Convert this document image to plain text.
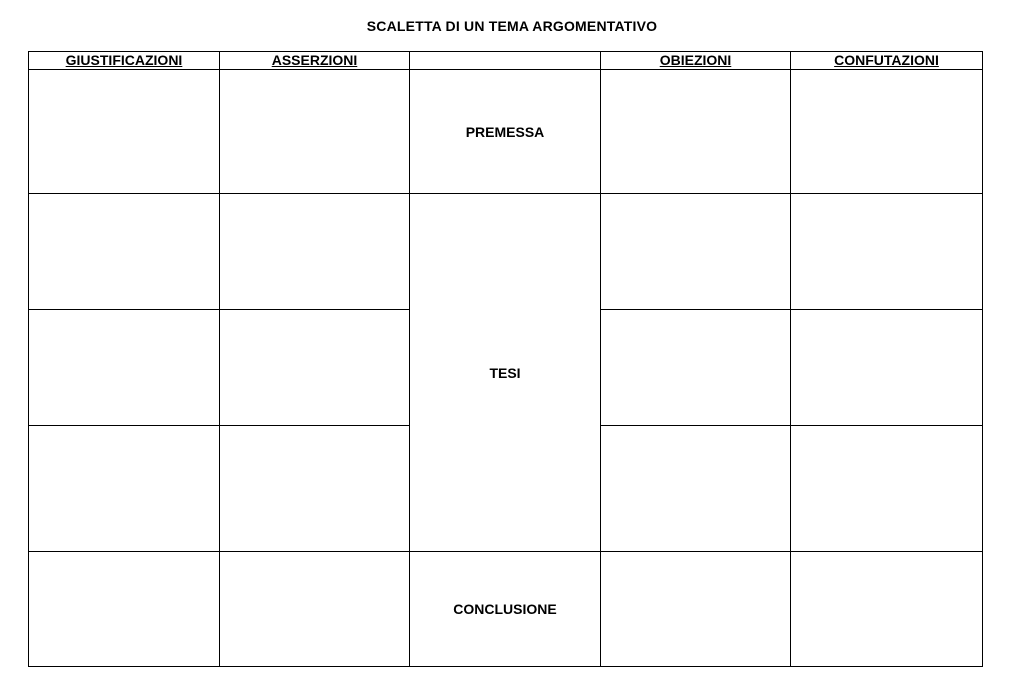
SCALETTA DI UN TEMA ARGOMENTATIVO
GIUSTIFICAZIONI	ASSERZIONI		OBIEZIONI	CONFUTAZIONI
		PREMESSA		
		TESI		

		CONCLUSIONE		
